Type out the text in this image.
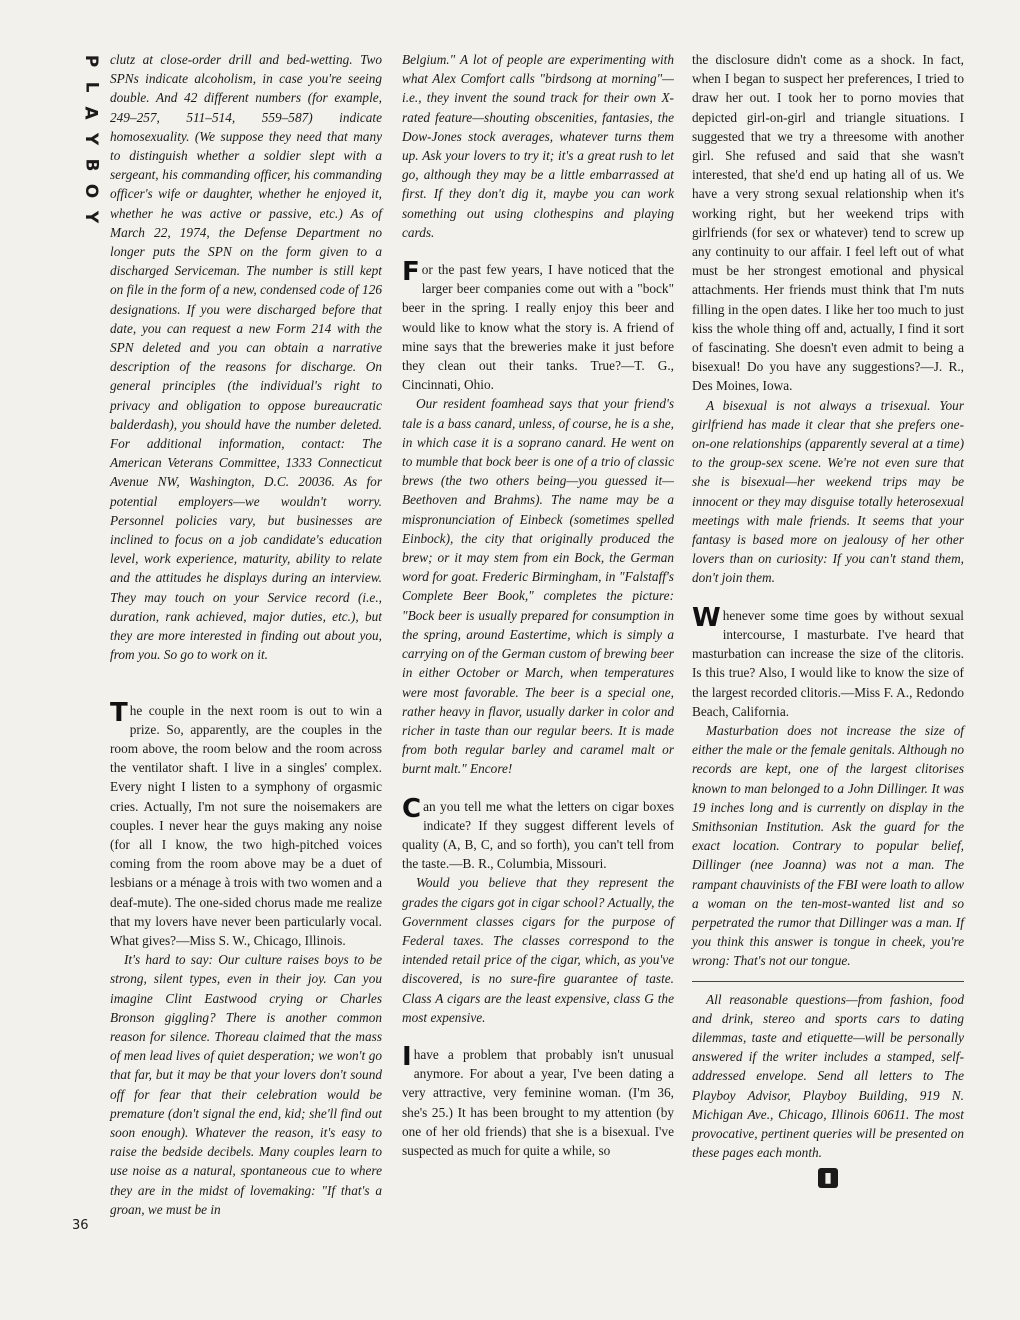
P
L
A
Y
B
O
Y
36

clutz at close-order drill and bed-wetting. Two SPNs indicate alcoholism, in case you're seeing double. And 42 different numbers (for example, 249–257, 511–514, 559–587) indicate homosexuality. (We suppose they need that many to distinguish whether a soldier slept with a sergeant, his commanding officer, his commanding officer's wife or daughter, whether he enjoyed it, whether he was active or passive, etc.) As of March 22, 1974, the Defense Department no longer puts the SPN on the form given to a discharged Serviceman. The number is still kept on file in the form of a new, condensed code of 126 designations. If you were discharged before that date, you can request a new Form 214 with the SPN deleted and you can obtain a narrative description of the reasons for discharge. On general principles (the individual's right to privacy and obligation to oppose bureaucratic balderdash), you should have the number deleted. For additional information, contact: The American Veterans Committee, 1333 Connecticut Avenue NW, Washington, D.C. 20036. As for potential employers—we wouldn't worry. Personnel policies vary, but businesses are inclined to focus on a job candidate's education level, work experience, maturity, ability to relate and the attitudes he displays during an interview. They may touch on your Service record (i.e., duration, rank achieved, major duties, etc.), but they are more interested in finding out about you, from you. So go to work on it.

The couple in the next room is out to win a prize. So, apparently, are the couples in the room above, the room below and the room across the ventilator shaft. I live in a singles' complex. Every night I listen to a symphony of orgasmic cries. Actually, I'm not sure the noisemakers are couples. I never hear the guys making any noise (for all I know, the two high-pitched voices coming from the room above may be a duet of lesbians or a ménage à trois with two women and a deaf-mute). The one-sided chorus made me realize that my lovers have never been particularly vocal. What gives?—Miss S. W., Chicago, Illinois.

It's hard to say: Our culture raises boys to be strong, silent types, even in their joy. Can you imagine Clint Eastwood crying or Charles Bronson giggling? There is another common reason for silence. Thoreau claimed that the mass of men lead lives of quiet desperation; we won't go that far, but it may be that your lovers don't sound off for fear that their celebration would be premature (don't signal the end, kid; she'll find out soon enough). Whatever the reason, it's easy to raise the bedside decibels. Many couples learn to use noise as a natural, spontaneous cue to where they are in the midst of lovemaking: "If that's a groan, we must be in

Belgium." A lot of people are experimenting with what Alex Comfort calls "birdsong at morning"—i.e., they invent the sound track for their own X-rated feature—shouting obscenities, fantasies, the Dow-Jones stock averages, whatever turns them up. Ask your lovers to try it; it's a great rush to let go, although they may be a little embarrassed at first. If they don't dig it, maybe you can work something out using clothespins and playing cards.

For the past few years, I have noticed that the larger beer companies come out with a "bock" beer in the spring. I really enjoy this beer and would like to know what the story is. A friend of mine says that the breweries make it just before they clean out their tanks. True?—T. G., Cincinnati, Ohio.

Our resident foamhead says that your friend's tale is a bass canard, unless, of course, he is a she, in which case it is a soprano canard. He went on to mumble that bock beer is one of a trio of classic brews (the two others being—you guessed it—Beethoven and Brahms). The name may be a mispronunciation of Einbeck (sometimes spelled Einbock), the city that originally produced the brew; or it may stem from ein Bock, the German word for goat. Frederic Birmingham, in "Falstaff's Complete Beer Book," completes the picture: "Bock beer is usually prepared for consumption in the spring, around Eastertime, which is simply a carrying on of the German custom of brewing beer in either October or March, when temperatures were most favorable. The beer is a special one, rather heavy in flavor, usually darker in color and richer in taste than our regular beers. It is made from both regular barley and caramel malt or burnt malt." Encore!

Can you tell me what the letters on cigar boxes indicate? If they suggest different levels of quality (A, B, C, and so forth), you can't tell from the taste.—B. R., Columbia, Missouri.

Would you believe that they represent the grades the cigars got in cigar school? Actually, the Government classes cigars for the purpose of Federal taxes. The classes correspond to the intended retail price of the cigar, which, as you've discovered, is no sure-fire guarantee of taste. Class A cigars are the least expensive, class G the most expensive.

Ihave a problem that probably isn't unusual anymore. For about a year, I've been dating a very attractive, very feminine woman. (I'm 36, she's 25.) It has been brought to my attention (by one of her old friends) that she is a bisexual. I've suspected as much for quite a while, so

the disclosure didn't come as a shock. In fact, when I began to suspect her preferences, I tried to draw her out. I took her to porno movies that depicted girl-on-girl and triangle situations. I suggested that we try a threesome with another girl. She refused and said that she wasn't interested, that she'd end up hating all of us. We have a very strong sexual relationship when it's working right, but her weekend trips with girlfriends (for sex or whatever) tend to screw up any continuity to our affair. I feel left out of what must be her strongest emotional and physical attachments. Her friends must think that I'm nuts filling in the open dates. I like her too much to just kiss the whole thing off and, actually, I find it sort of fascinating. She doesn't even admit to being a bisexual! Do you have any suggestions?—J. R., Des Moines, Iowa.

A bisexual is not always a trisexual. Your girlfriend has made it clear that she prefers one-on-one relationships (apparently several at a time) to the group-sex scene. We're not even sure that she is bisexual—her weekend trips may be innocent or they may disguise totally heterosexual meetings with male friends. It seems that your fantasy is based more on jealousy of her other lovers than on curiosity: If you can't stand them, don't join them.

Whenever some time goes by without sexual intercourse, I masturbate. I've heard that masturbation can increase the size of the clitoris. Is this true? Also, I would like to know the size of the largest recorded clitoris.—Miss F. A., Redondo Beach, California.

Masturbation does not increase the size of either the male or the female genitals. Although no records are kept, one of the largest clitorises known to man belonged to a John Dillinger. It was 19 inches long and is currently on display in the Smithsonian Institution. Ask the guard for the exact location. Contrary to popular belief, Dillinger (nee Joanna) was not a man. The rampant chauvinists of the FBI were loath to allow a woman on the ten-most-wanted list and so perpetrated the rumor that Dillinger was a man. If you think this answer is tongue in cheek, you're wrong: That's not our tongue.

All reasonable questions—from fashion, food and drink, stereo and sports cars to dating dilemmas, taste and etiquette—will be personally answered if the writer includes a stamped, self-addressed envelope. Send all letters to The Playboy Advisor, Playboy Building, 919 N. Michigan Ave., Chicago, Illinois 60611. The most provocative, pertinent queries will be presented on these pages each month.

▮
